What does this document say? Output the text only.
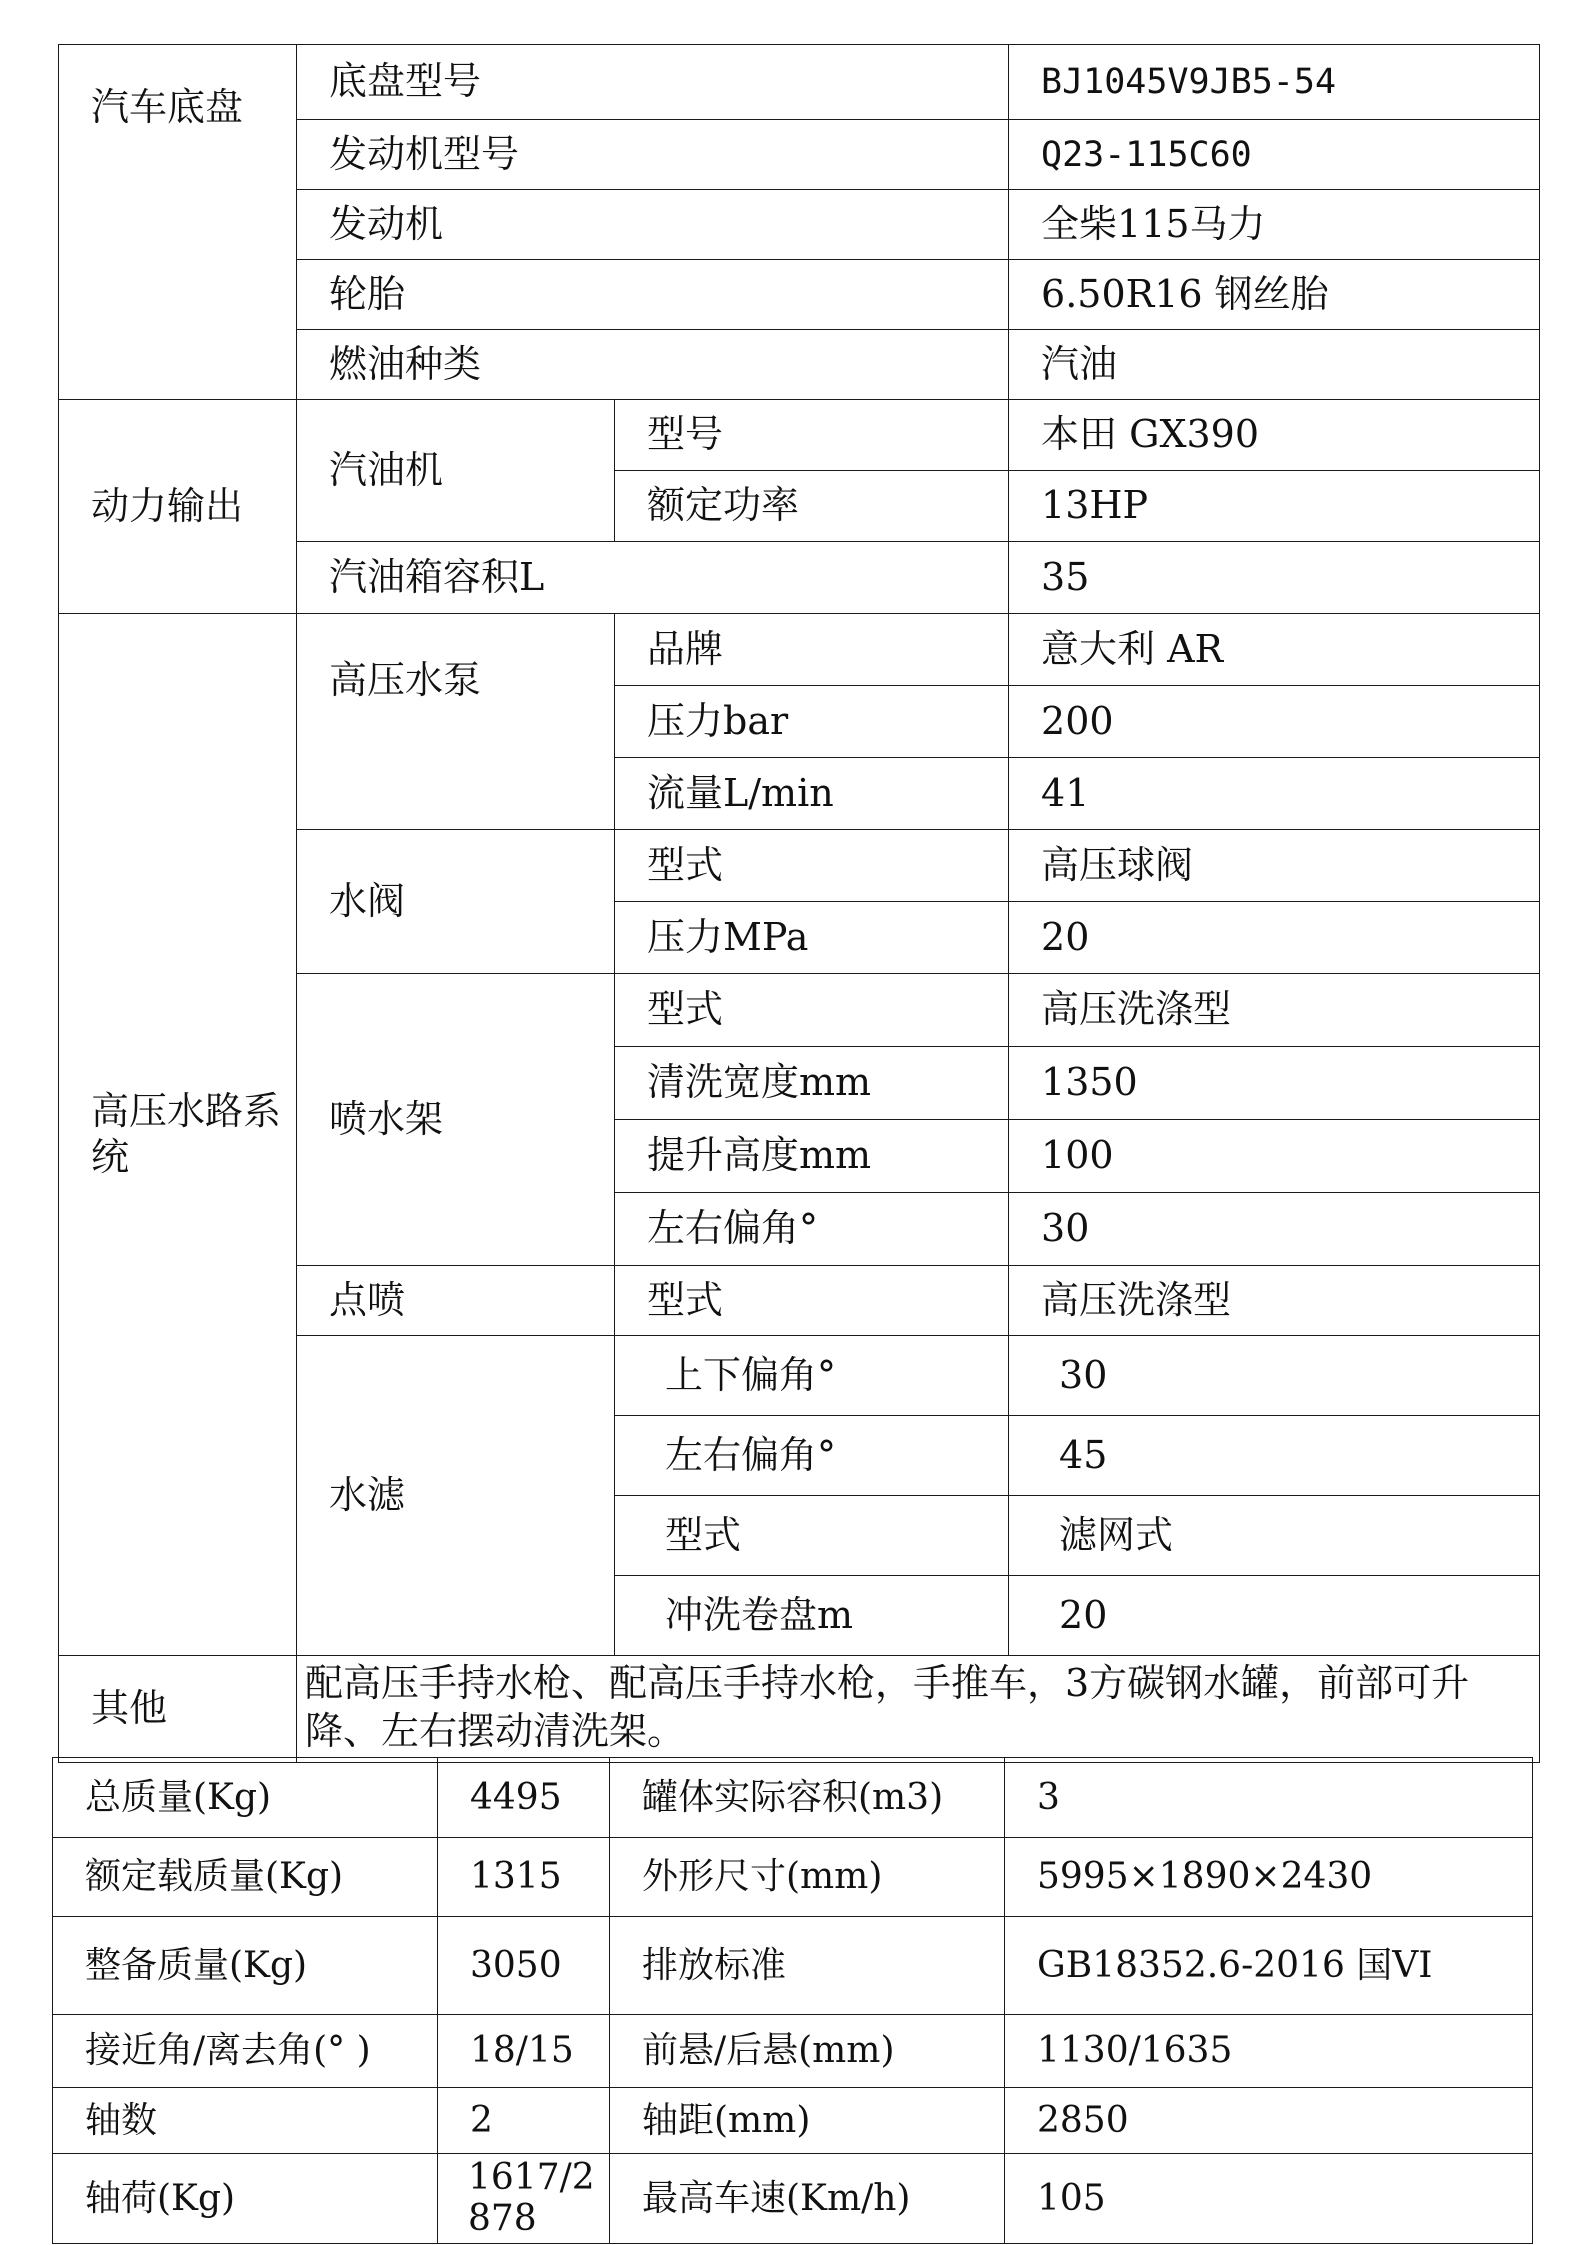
汽车底盘	底盘型号		BJ1045V9JB5-54
	发动机型号		Q23-115C60
	发动机		全柴115马力
	轮胎		6.50R16 钢丝胎
	燃油种类		汽油
动力输出	汽油机	型号	本田 GX390
		额定功率	13HP
	汽油箱容积L		35
高压水路系统	高压水泵	品牌	意大利 AR
		压力bar	200
		流量L/min	41
	水阀	型式	高压球阀
		压力MPa	20
	喷水架	型式	高压洗涤型
		清洗宽度mm	1350
		提升高度mm	100
		左右偏角°	30
	点喷	型式	高压洗涤型
	水滤	上下偏角°	30
		左右偏角°	45
		型式	滤网式
		冲洗卷盘m	20
其他	配高压手持水枪、配高压手持水枪，手推车，3方碳钢水罐，前部可升降、左右摆动清洗架。		
总质量(Kg)	4495	罐体实际容积(m3)	3
额定载质量(Kg)	1315	外形尺寸(mm)	5995×1890×2430
整备质量(Kg)	3050	排放标准	GB18352.6-2016 国VI
接近角/离去角(° )	18/15	前悬/后悬(mm)	1130/1635
轴数	2	轴距(mm)	2850
轴荷(Kg)	1617/2878	最高车速(Km/h)	105
